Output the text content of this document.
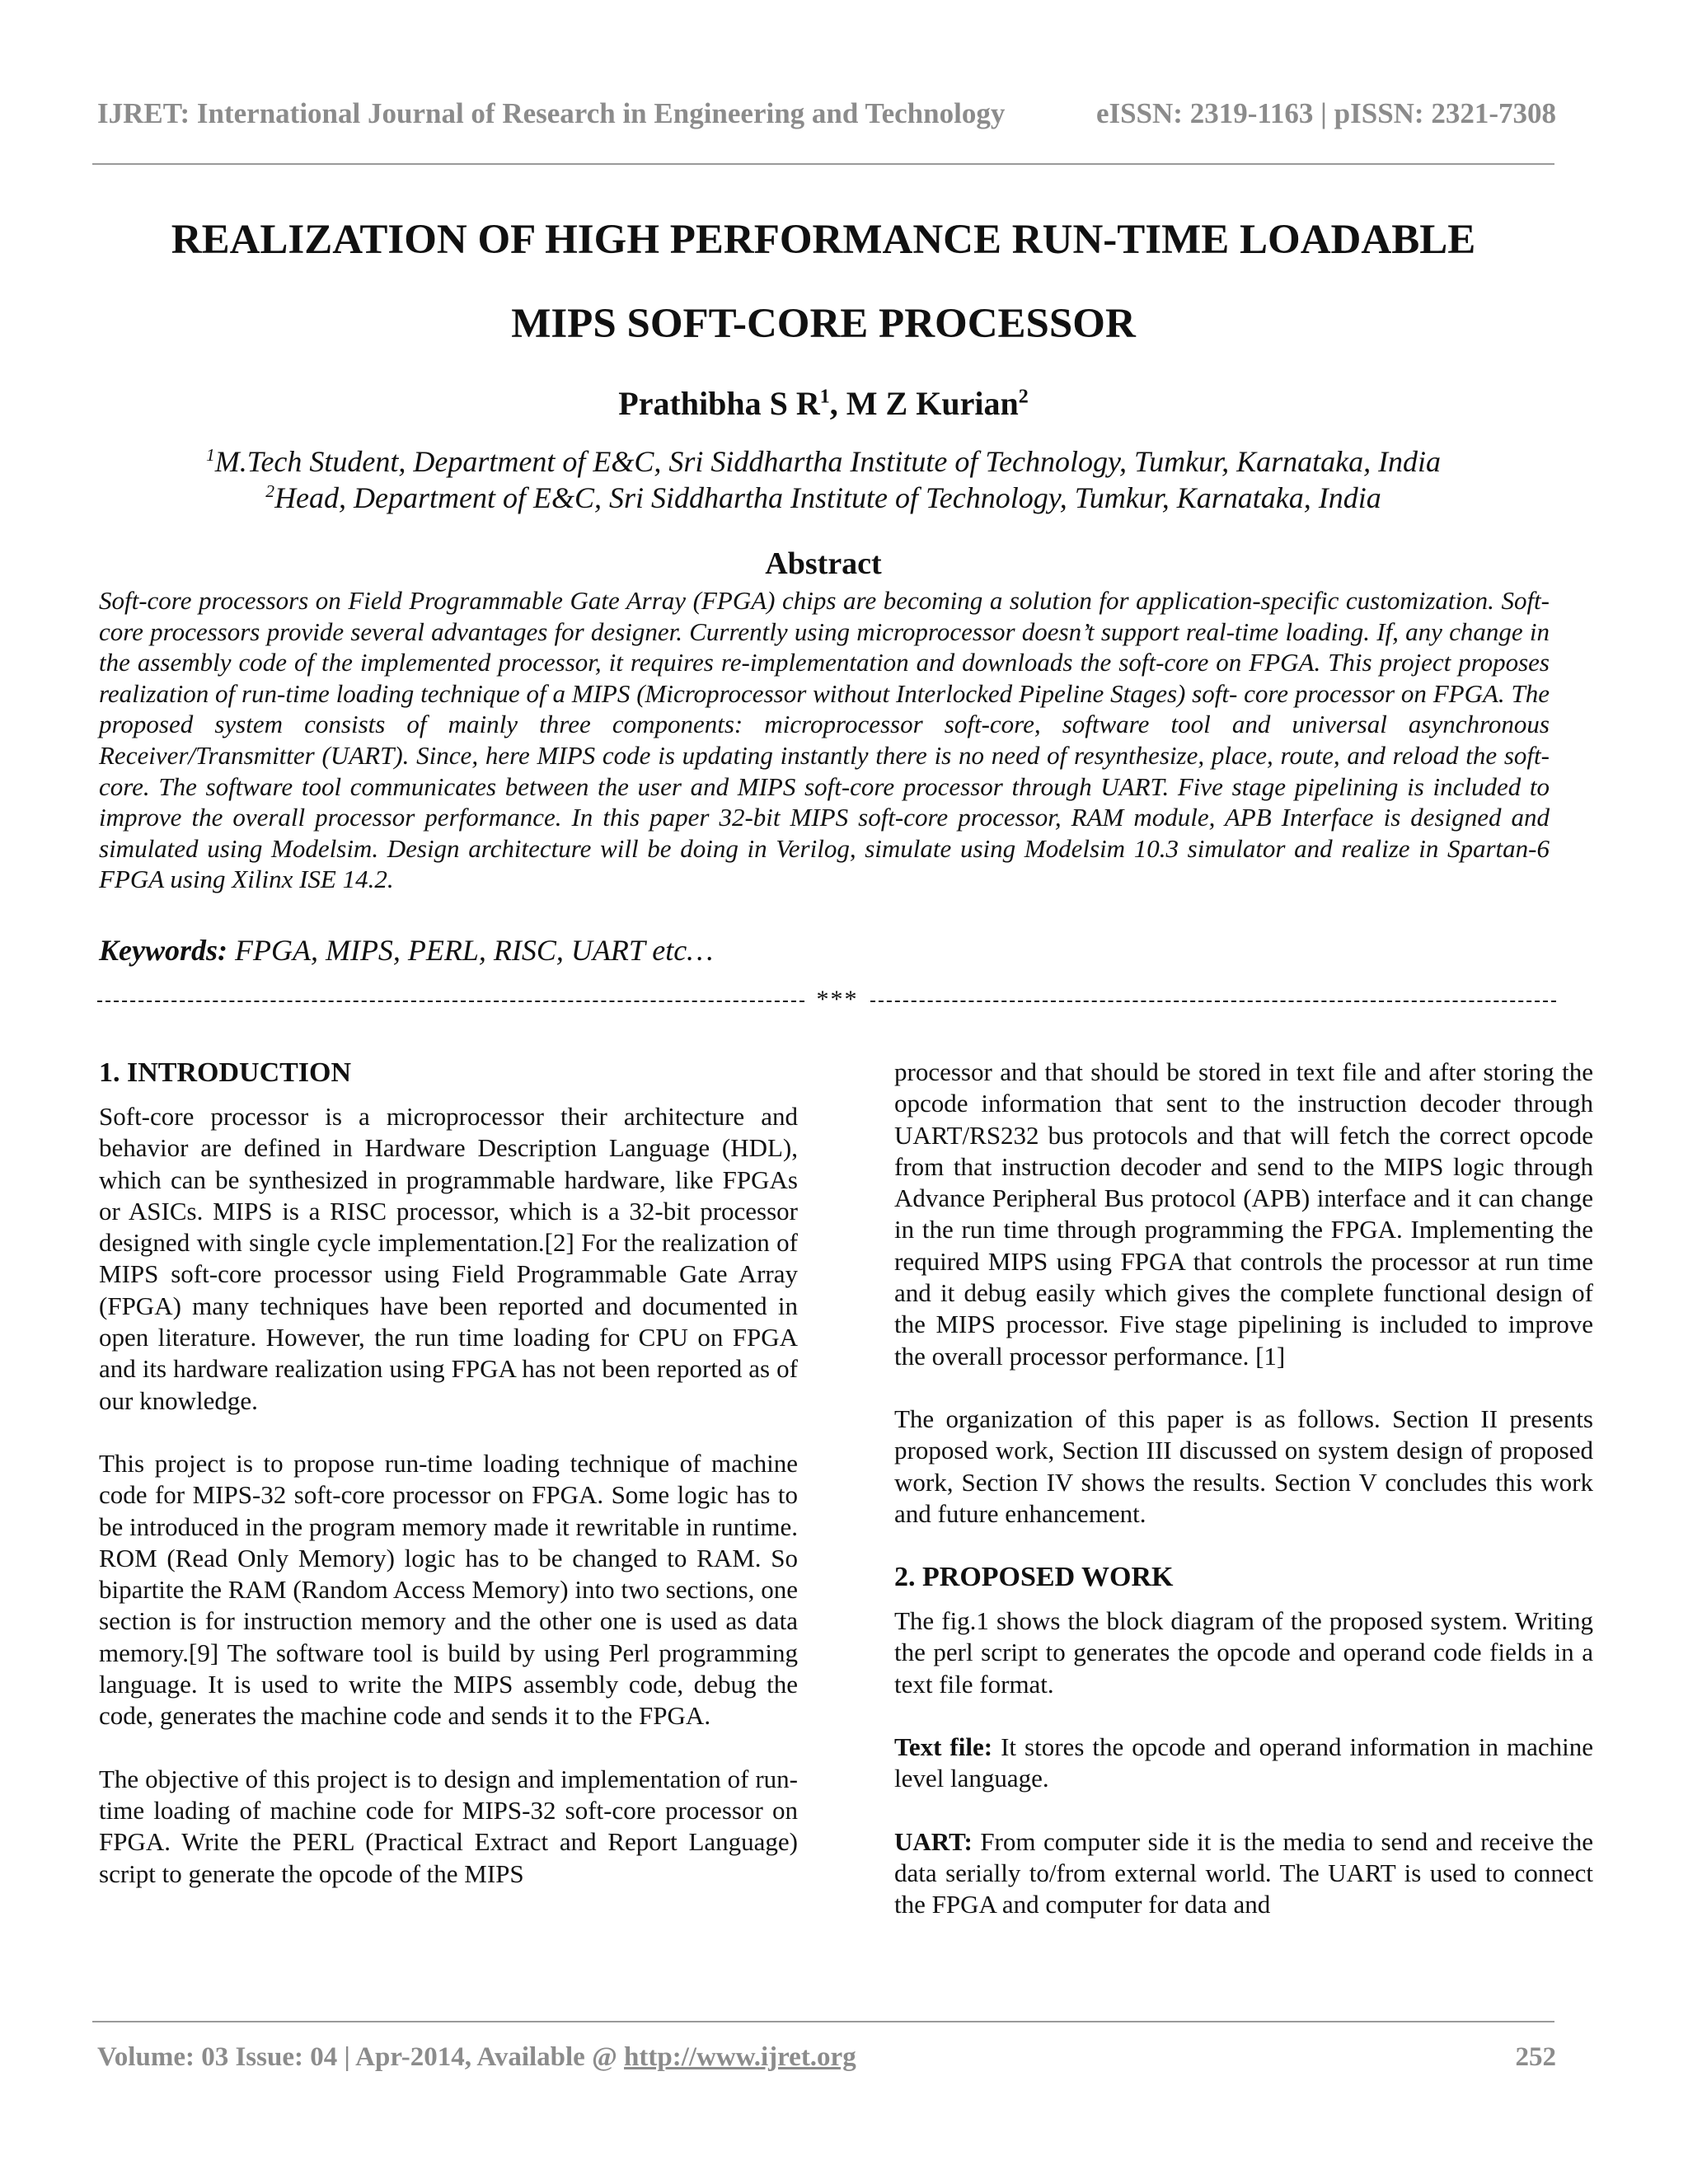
IJRET: International Journal of Research in Engineering and Technology	eISSN: 2319-1163 | pISSN: 2321-7308
REALIZATION OF HIGH PERFORMANCE RUN-TIME LOADABLE
MIPS SOFT-CORE PROCESSOR
Prathibha S $R^1$, M Z Kurian$^2$
$^1$M.Tech Student, Department of E&C, Sri Siddhartha Institute of Technology, Tumkur, Karnataka, India
$^2$Head, Department of E&C, Sri Siddhartha Institute of Technology, Tumkur, Karnataka, India
Abstract
Soft-core processors on Field Programmable Gate Array (FPGA) chips are becoming a solution for application-specific customization. Soft-core processors provide several advantages for designer. Currently using microprocessor doesn’t support real-time loading. If, any change in the assembly code of the implemented processor, it requires re-implementation and downloads the soft-core on FPGA. This project proposes realization of run-time loading technique of a MIPS (Microprocessor without Interlocked Pipeline Stages) soft- core processor on FPGA. The proposed system consists of mainly three components: microprocessor soft-core, software tool and universal asynchronous Receiver/Transmitter (UART). Since, here MIPS code is updating instantly there is no need of resynthesize, place, route, and reload the soft-core. The software tool communicates between the user and MIPS soft-core processor through UART. Five stage pipelining is included to improve the overall processor performance. In this paper 32-bit MIPS soft-core processor, RAM module, APB Interface is designed and simulated using Modelsim. Design architecture will be doing in Verilog, simulate using Modelsim 10.3 simulator and realize in Spartan-6 FPGA using Xilinx ISE 14.2.
Keywords: FPGA, MIPS, PERL, RISC, UART etc…
***
1. INTRODUCTION

Soft-core processor is a microprocessor their architecture and behavior are defined in Hardware Description Language (HDL), which can be synthesized in programmable hardware, like FPGAs or ASICs. MIPS is a RISC processor, which is a 32-bit processor designed with single cycle implementation.[2] For the realization of MIPS soft-core processor using Field Programmable Gate Array (FPGA) many techniques have been reported and documented in open literature. However, the run time loading for CPU on FPGA and its hardware realization using FPGA has not been reported as of our knowledge.

This project is to propose run-time loading technique of machine code for MIPS-32 soft-core processor on FPGA. Some logic has to be introduced in the program memory made it rewritable in runtime. ROM (Read Only Memory) logic has to be changed to RAM. So bipartite the RAM (Random Access Memory) into two sections, one section is for instruction memory and the other one is used as data memory.[9] The software tool is build by using Perl programming language. It is used to write the MIPS assembly code, debug the code, generates the machine code and sends it to the FPGA.

The objective of this project is to design and implementation of run-time loading of machine code for MIPS-32 soft-core processor on FPGA. Write the PERL (Practical Extract and Report Language) script to generate the opcode of the MIPS

processor and that should be stored in text file and after storing the opcode information that sent to the instruction decoder through UART/RS232 bus protocols and that will fetch the correct opcode from that instruction decoder and send to the MIPS logic through Advance Peripheral Bus protocol (APB) interface and it can change in the run time through programming the FPGA. Implementing the required MIPS using FPGA that controls the processor at run time and it debug easily which gives the complete functional design of the MIPS processor. Five stage pipelining is included to improve the overall processor performance. [1]

The organization of this paper is as follows. Section II presents proposed work, Section III discussed on system design of proposed work, Section IV shows the results. Section V concludes this work and future enhancement.

2. PROPOSED WORK

The fig.1 shows the block diagram of the proposed system. Writing the perl script to generates the opcode and operand code fields in a text file format.

Text file: It stores the opcode and operand information in machine level language.

UART: From computer side it is the media to send and receive the data serially to/from external world. The UART is used to connect the FPGA and computer for data and

Volume: 03 Issue: 04 | Apr-2014, Available @ http://www.ijret.org	252
